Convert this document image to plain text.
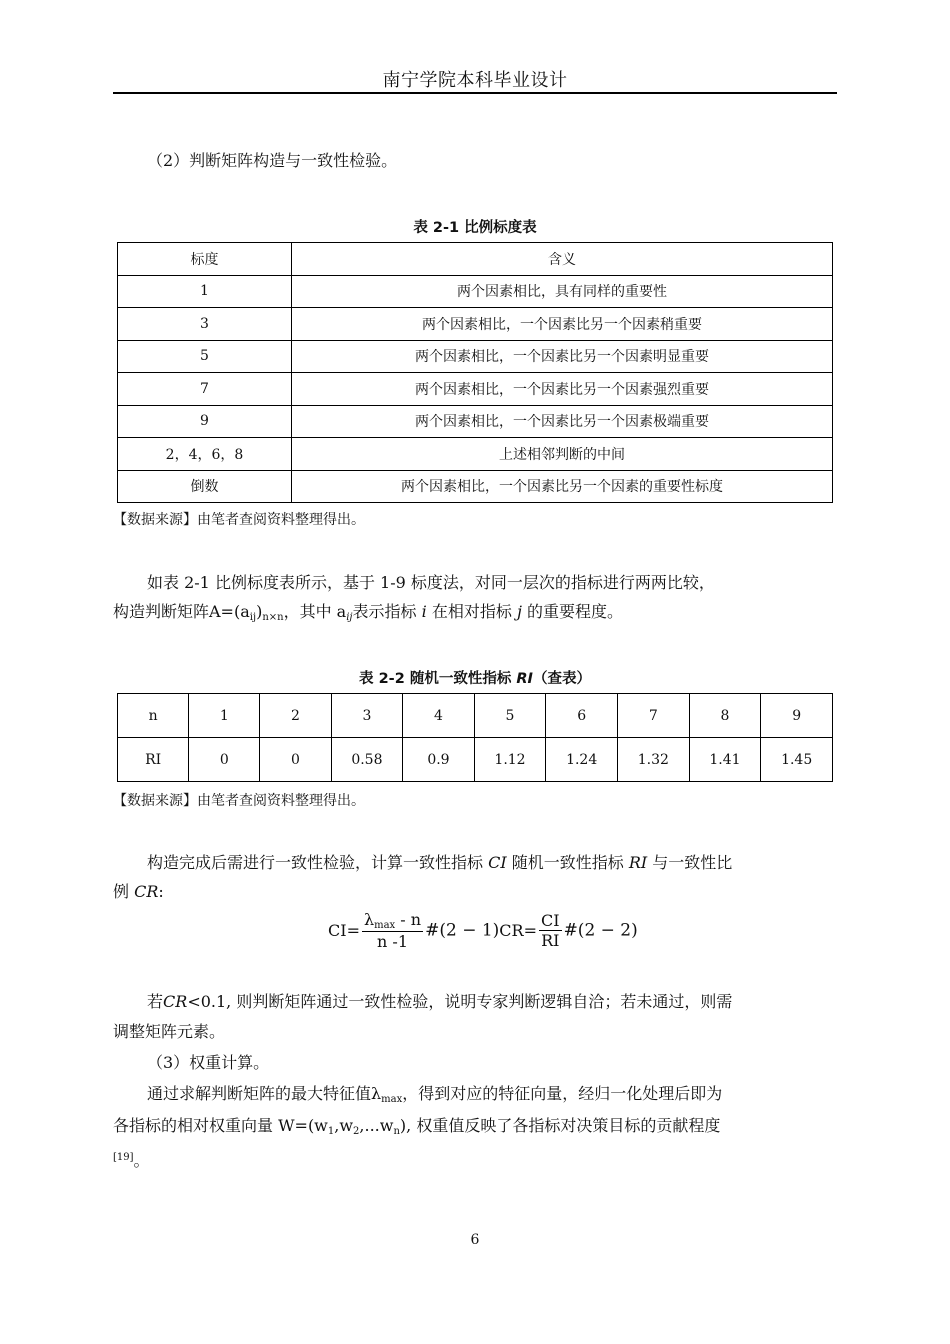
南宁学院本科毕业设计
（2）判断矩阵构造与一致性检验。
表 2-1 比例标度表
标度	含义
1	两个因素相比，具有同样的重要性
3	两个因素相比，一个因素比另一个因素稍重要
5	两个因素相比，一个因素比另一个因素明显重要
7	两个因素相比，一个因素比另一个因素强烈重要
9	两个因素相比，一个因素比另一个因素极端重要
2，4，6，8	上述相邻判断的中间
倒数	两个因素相比，一个因素比另一个因素的重要性标度
【数据来源】由笔者查阅资料整理得出。
如表 2-1 比例标度表所示，基于 1-9 标度法，对同一层次的指标进行两两比较，
构造判断矩阵$A=(a_{ij})_{n\times n}$，其中 $a_{ij}$表示指标 i 在相对指标 j 的重要程度。
表 2-2 随机一致性指标 RI（查表）
n	1	2	3	4	5	6	7	8	9
RI	0	0	0.58	0.9	1.12	1.24	1.32	1.41	1.45
【数据来源】由笔者查阅资料整理得出。
构造完成后需进行一致性检验，计算一致性指标 CI 随机一致性指标 RI 与一致性比
例 CR:
$CI= \frac{\lambda_{max} - n}{n -1}$ #(2 − $1)CR= \frac{CI}{RI}$ #(2 − 2)
若CR<0.1, 则判断矩阵通过一致性检验，说明专家判断逻辑自洽；若未通过，则需
调整矩阵元素。
（3）权重计算。
通过求解判断矩阵的最大特征值$\lambda_{max}$，得到对应的特征向量，经归一化处理后即为
各指标的相对权重向量 $W=(w_1,w_2,...w_n)$, 权重值反映了各指标对决策目标的贡献程度
[19]。
6
